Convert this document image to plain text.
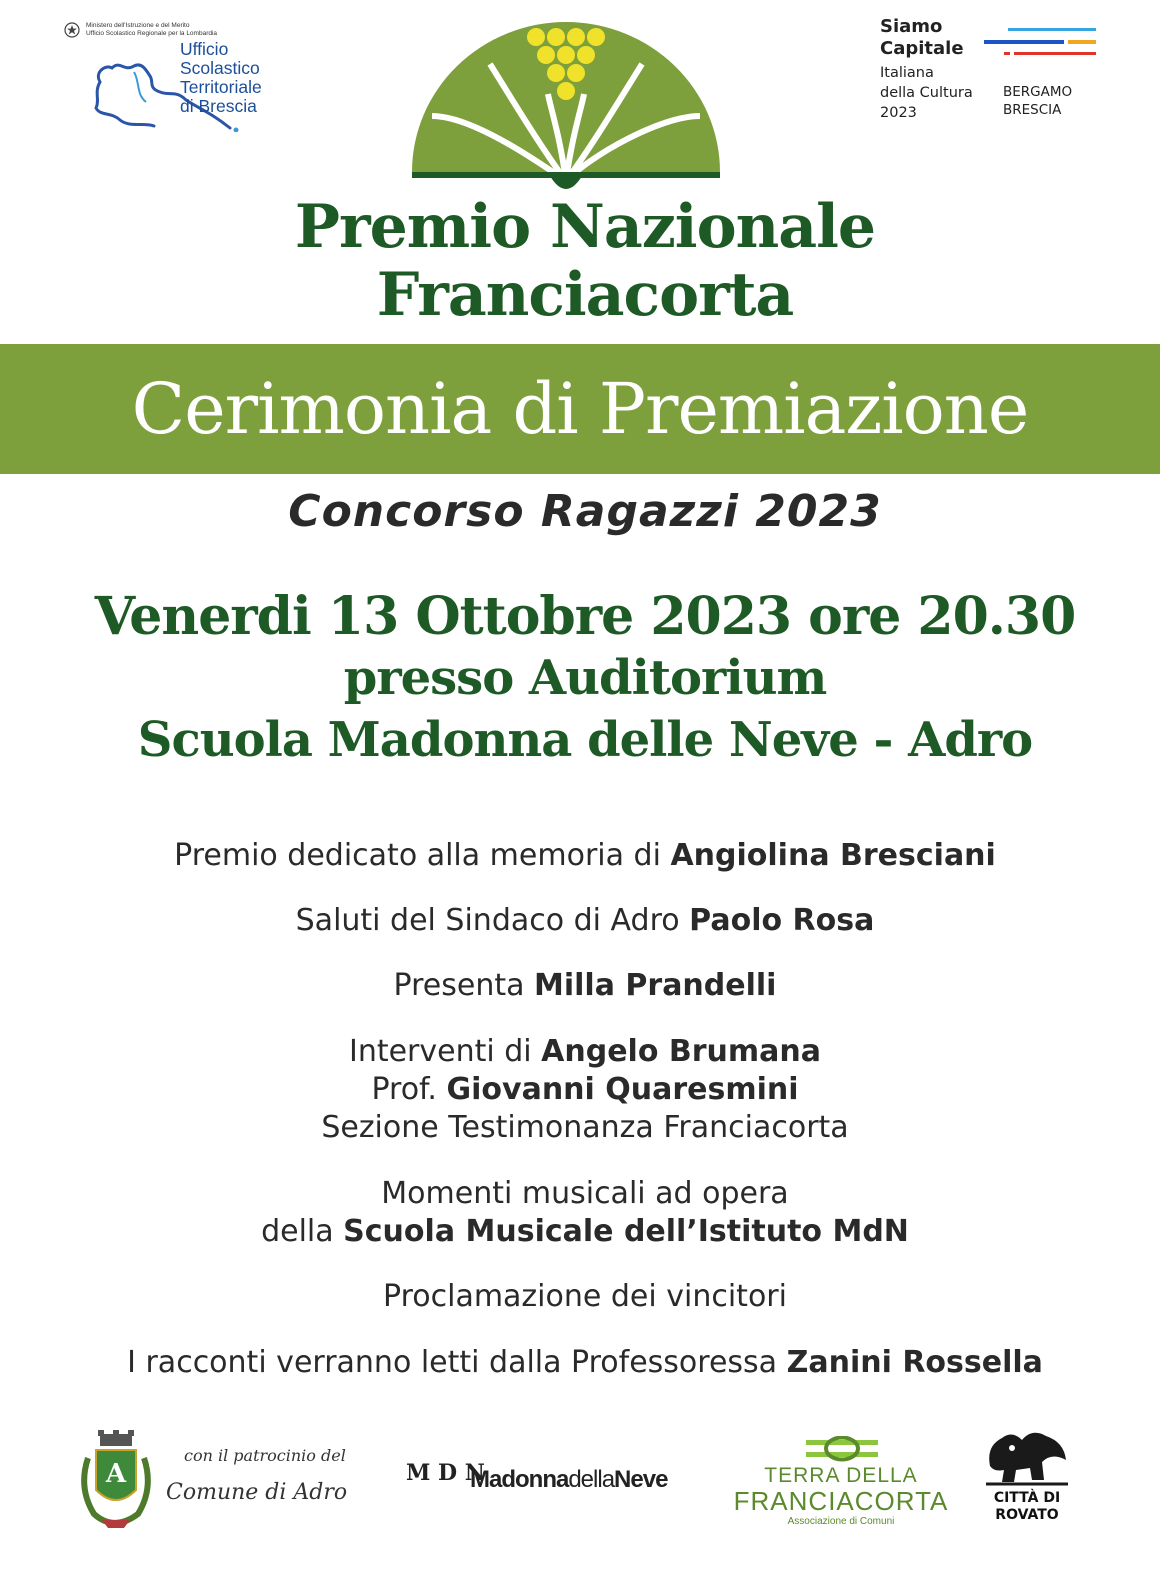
Ministero dell'Istruzione e del Merito
Ufficio Scolastico Regionale per la Lombardia
Ufficio
Scolastico
Territoriale
di Brescia
Siamo
Capitale
Italiana
della Cultura
2023
BERGAMO
BRESCIA
Premio Nazionale
Franciacorta
Cerimonia di Premiazione
Concorso Ragazzi 2023
Venerdi 13 Ottobre 2023 ore 20.30
presso Auditorium
Scuola Madonna delle Neve - Adro
Premio dedicato alla memoria di Angiolina Bresciani
Saluti del Sindaco di Adro Paolo Rosa
Presenta Milla Prandelli
Interventi di Angelo Brumana
Prof. Giovanni Quaresmini
Sezione Testimonanza Franciacorta
Momenti musicali ad opera
della Scuola Musicale dell’Istituto MdN
Proclamazione dei vincitori
I racconti verranno letti dalla Professoressa Zanini Rossella
A
con il patrocinio del
Comune di Adro
M D N
MadonnadellaNeve	TERRA DELLA
FRANCIACORTA
Associazione di Comuni
CITTÀ DI
ROVATO
